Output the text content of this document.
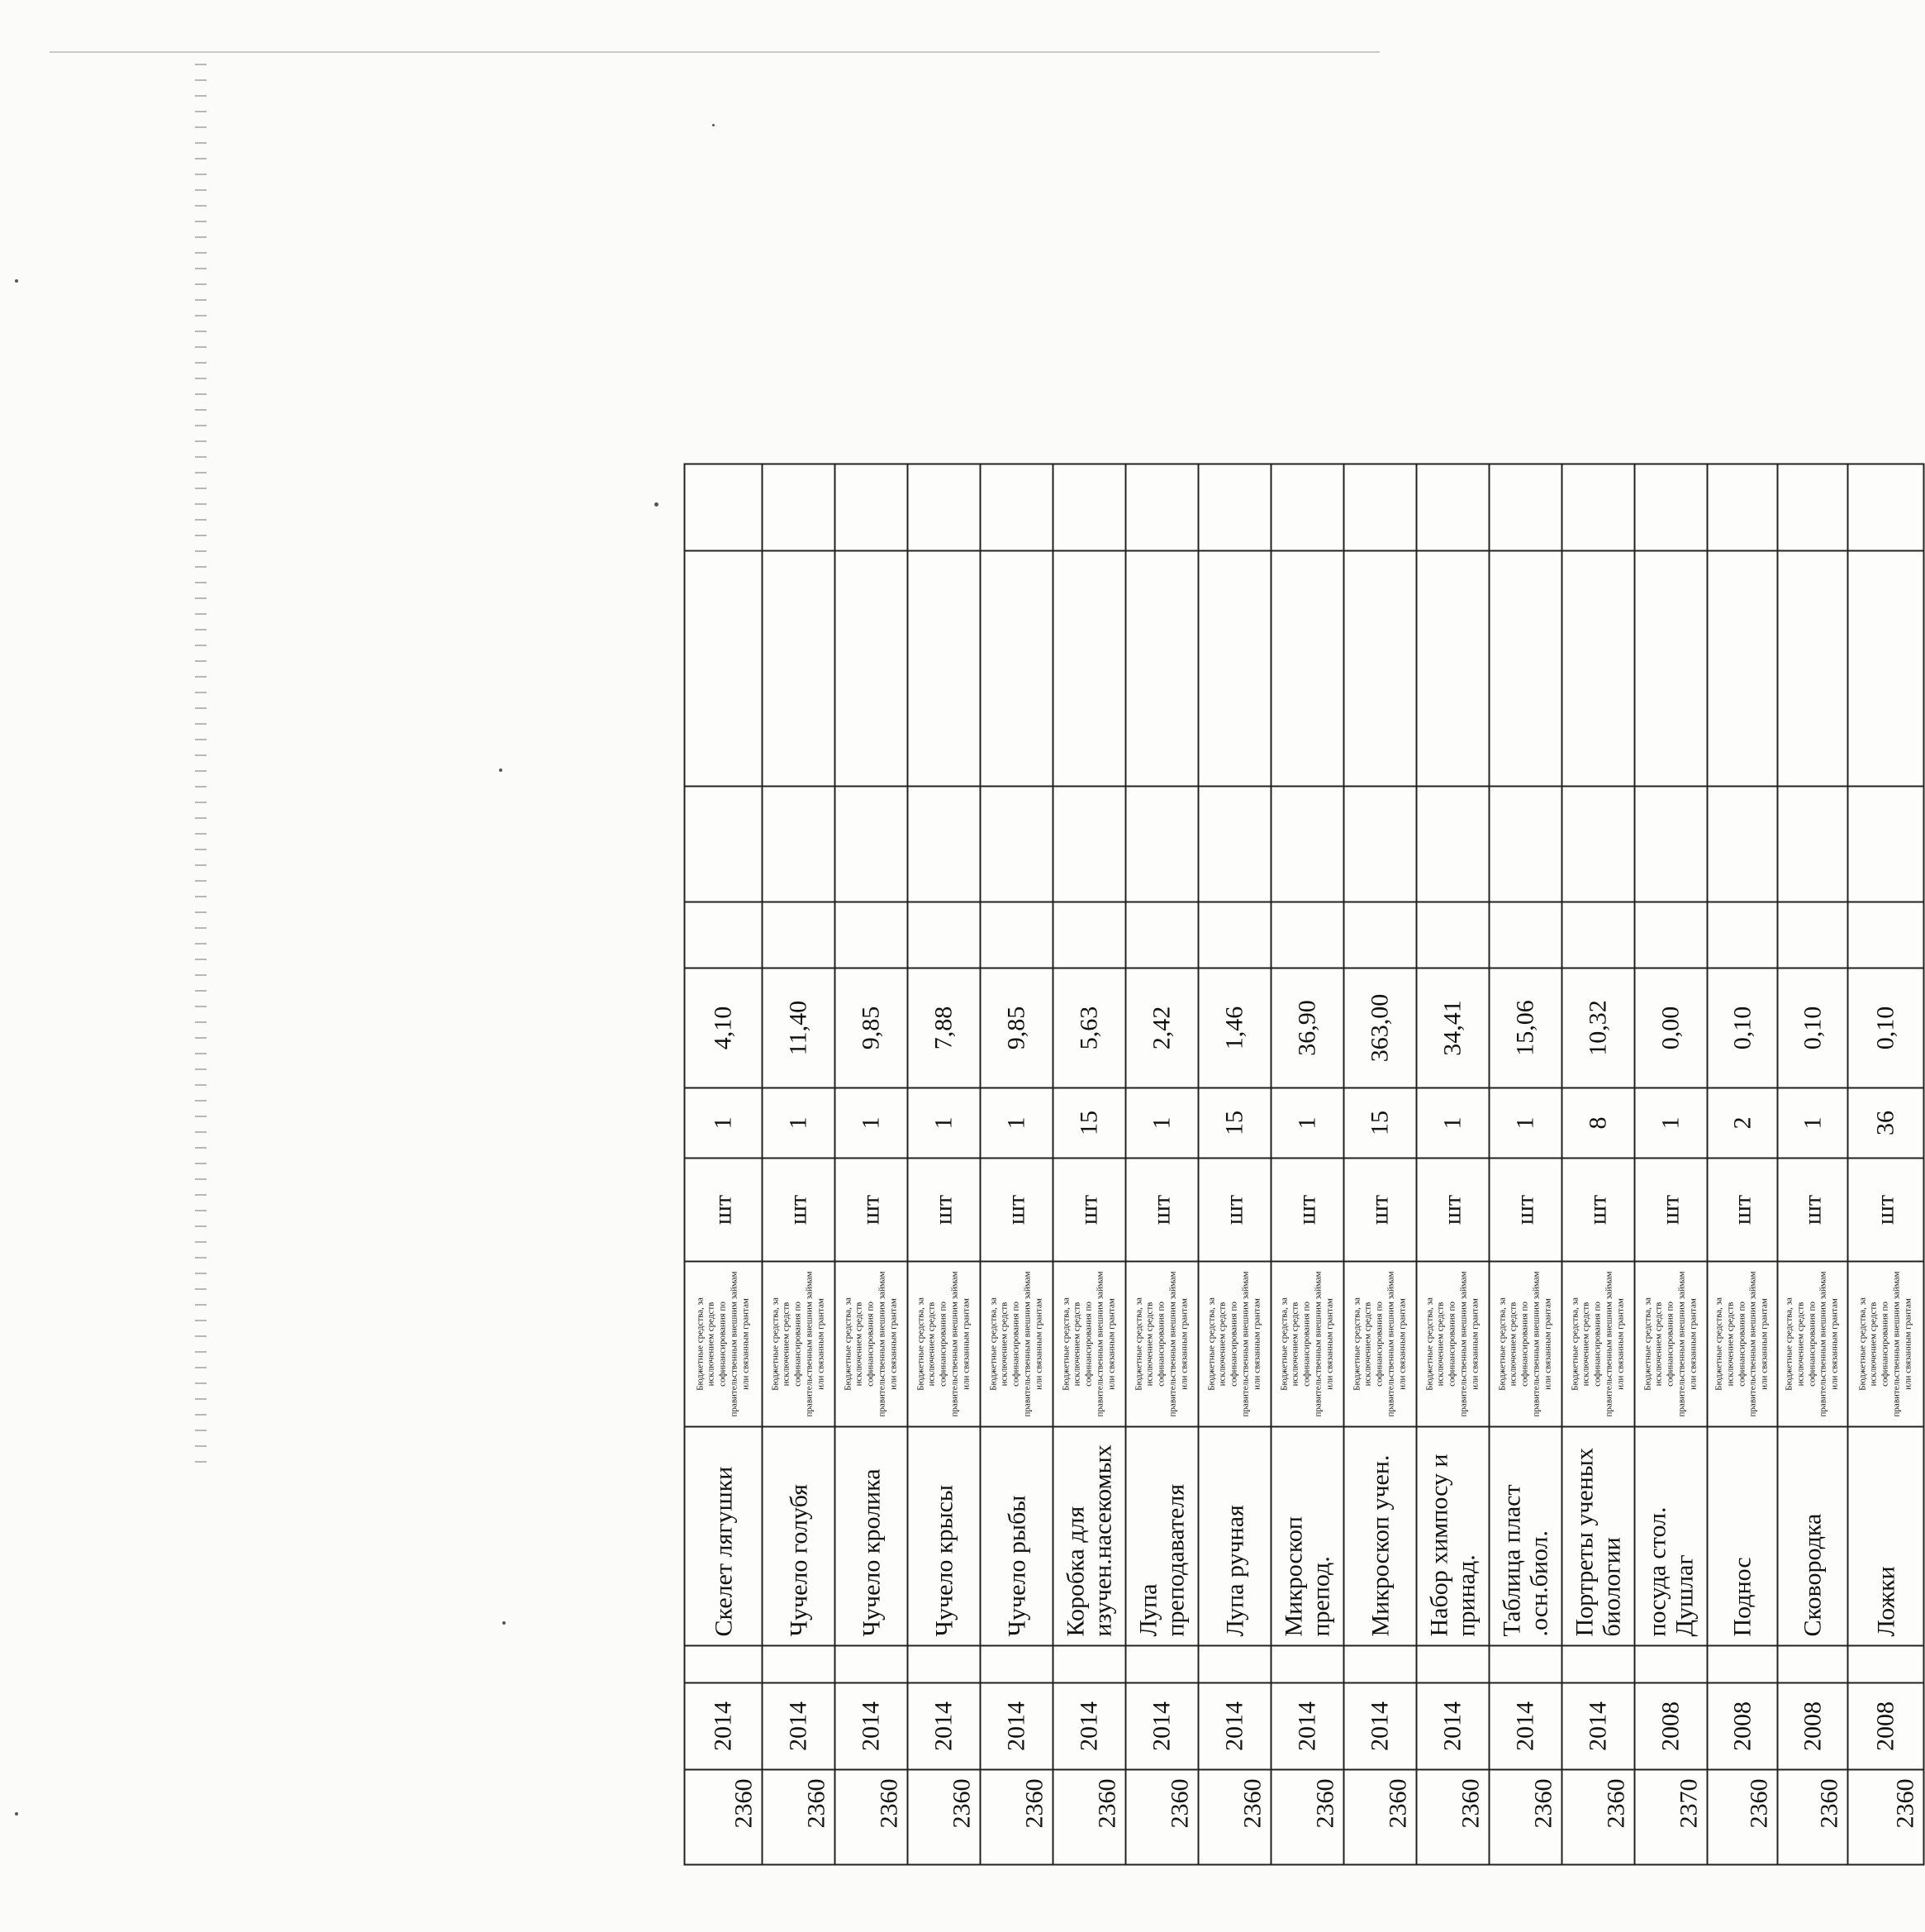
2360	2014		Скелет лягушки	Бюджетные средства, за исключением средств софинансирования по правительственным внешним займам или связанным грантам	шт	1	4,10				
2360	2014		Чучело голубя	Бюджетные средства, за исключением средств софинансирования по правительственным внешним займам или связанным грантам	шт	1	11,40				
2360	2014		Чучело кролика	Бюджетные средства, за исключением средств софинансирования по правительственным внешним займам или связанным грантам	шт	1	9,85				
2360	2014		Чучело крысы	Бюджетные средства, за исключением средств софинансирования по правительственным внешним займам или связанным грантам	шт	1	7,88				
2360	2014		Чучело рыбы	Бюджетные средства, за исключением средств софинансирования по правительственным внешним займам или связанным грантам	шт	1	9,85				
2360	2014		Коробка для изучен.насекомых	Бюджетные средства, за исключением средств софинансирования по правительственным внешним займам или связанным грантам	шт	15	5,63				
2360	2014		Лупа преподавателя	Бюджетные средства, за исключением средств софинансирования по правительственным внешним займам или связанным грантам	шт	1	2,42				
2360	2014		Лупа ручная	Бюджетные средства, за исключением средств софинансирования по правительственным внешним займам или связанным грантам	шт	15	1,46				
2360	2014		Микроскоп препод.	Бюджетные средства, за исключением средств софинансирования по правительственным внешним займам или связанным грантам	шт	1	36,90				
2360	2014		Микроскоп учен.	Бюджетные средства, за исключением средств софинансирования по правительственным внешним займам или связанным грантам	шт	15	363,00				
2360	2014		Набор химпосу и принад.	Бюджетные средства, за исключением средств софинансирования по правительственным внешним займам или связанным грантам	шт	1	34,41				
2360	2014		Таблица пласт .осн.биол.	Бюджетные средства, за исключением средств софинансирования по правительственным внешним займам или связанным грантам	шт	1	15,06				
2360	2014		Портреты ученых биологии	Бюджетные средства, за исключением средств софинансирования по правительственным внешним займам или связанным грантам	шт	8	10,32				
2370	2008		посуда стол. Душлаг	Бюджетные средства, за исключением средств софинансирования по правительственным внешним займам или связанным грантам	шт	1	0,00				
2360	2008		Поднос	Бюджетные средства, за исключением средств софинансирования по правительственным внешним займам или связанным грантам	шт	2	0,10				
2360	2008		Сковородка	Бюджетные средства, за исключением средств софинансирования по правительственным внешним займам или связанным грантам	шт	1	0,10				
2360	2008		Ложки	Бюджетные средства, за исключением средств софинансирования по правительственным внешним займам или связанным грантам	шт	36	0,10				
